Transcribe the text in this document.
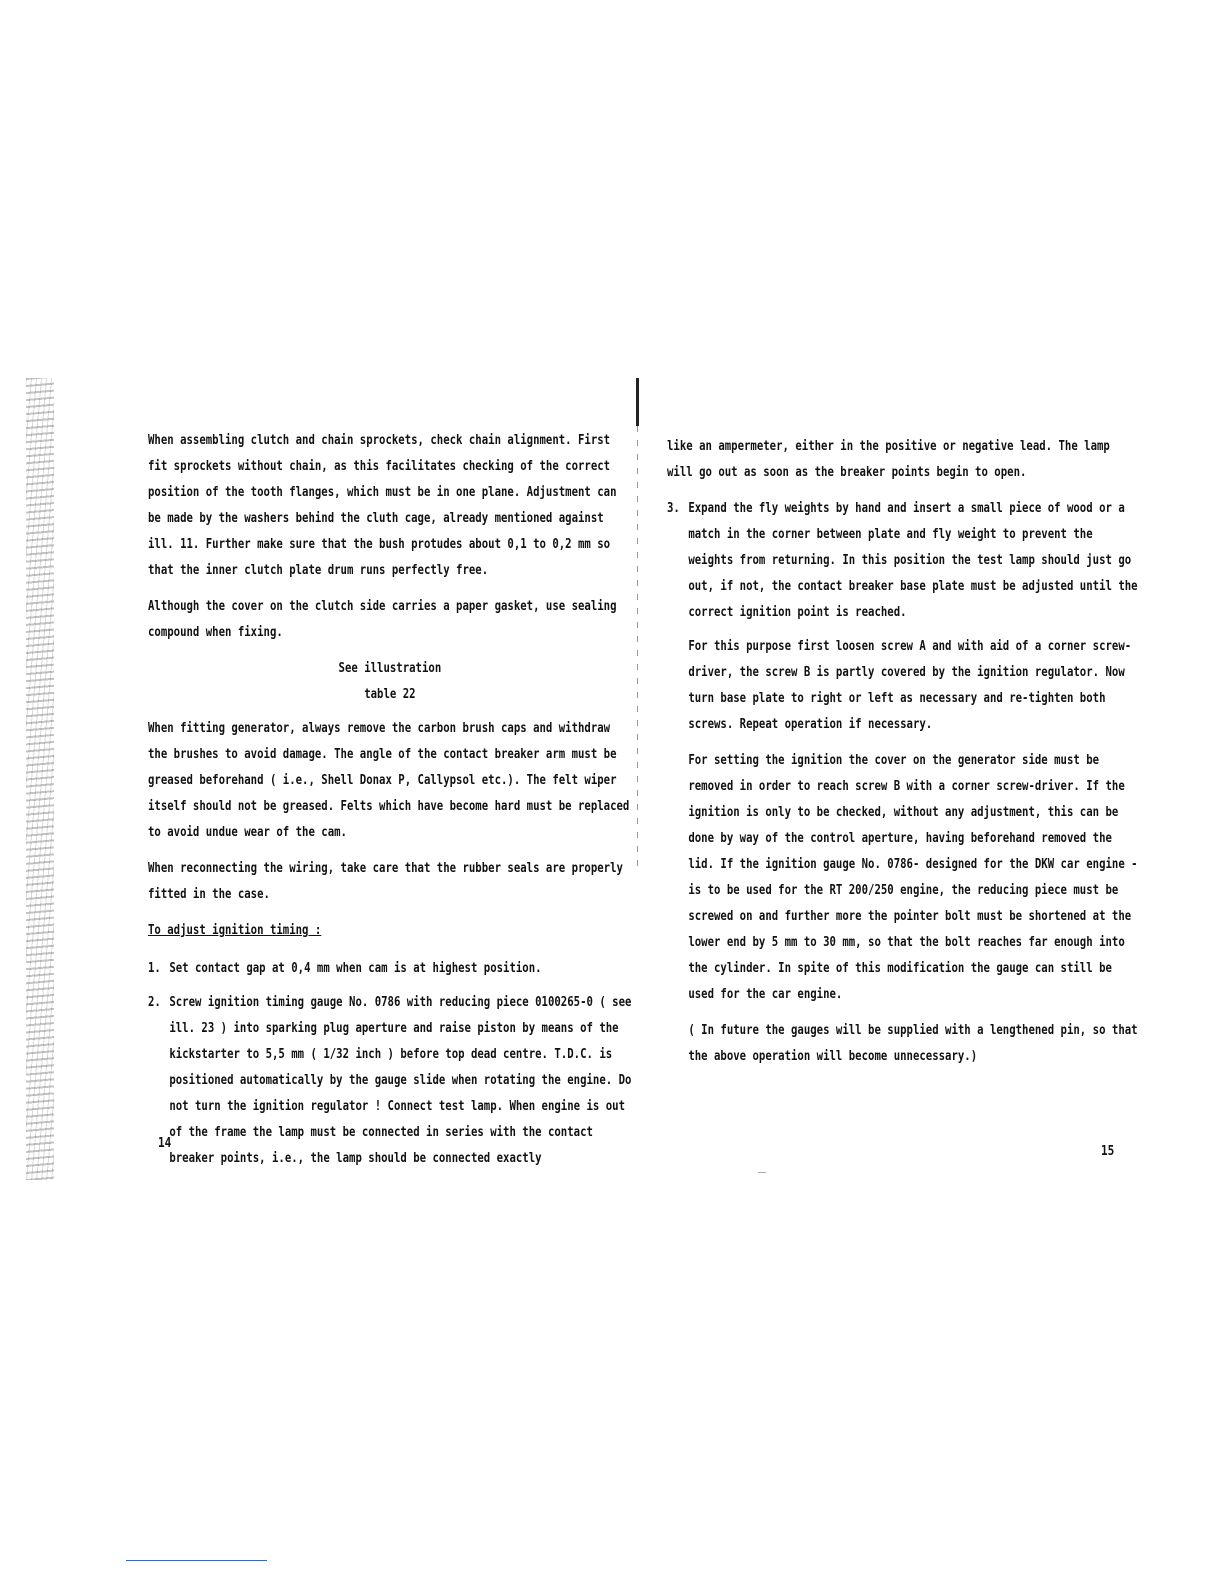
When assembling clutch and chain sprockets, check chain alignment. First fit sprockets without chain, as this facilitates checking of the correct position of the tooth flanges, which must be in one plane. Adjustment can be made by the washers behind the cluth cage, already mentioned against ill. 11. Further make sure that the bush protudes about 0,1 to 0,2 mm so that the inner clutch plate drum runs perfectly free.

Although the cover on the clutch side carries a paper gasket, use sealing compound when fixing.

See illustration

table 22

When fitting generator, always remove the carbon brush caps and withdraw the brushes to avoid damage. The angle of the contact breaker arm must be greased beforehand ( i.e., Shell Donax P, Callypsol etc.). The felt wiper itself should not be greased. Felts which have become hard must be replaced to avoid undue wear of the cam.

When reconnecting the wiring, take care that the rubber seals are properly fitted in the case.

To adjust ignition timing :

1. Set contact gap at 0,4 mm when cam is at highest position.
2. Screw ignition timing gauge No. 0786 with reducing piece 0100265-0 ( see ill. 23 ) into sparking plug aperture and raise piston by means of the kickstarter to 5,5 mm ( 1/32 inch ) before top dead centre. T.D.C. is positioned automatically by the gauge slide when rotating the engine. Do not turn the ignition regulator ! Connect test lamp. When engine is out of the frame the lamp must be connected in series with the contact breaker points, i.e., the lamp should be connected exactly
14

like an ampermeter, either in the positive or negative lead. The lamp will go out as soon as the breaker points begin to open.

3. Expand the fly weights by hand and insert a small piece of wood or a match in the corner between plate and fly weight to prevent the weights from returning. In this position the test lamp should just go out, if not, the contact breaker base plate must be adjusted until the correct ignition point is reached.

For this purpose first loosen screw A and with aid of a corner screw-driver, the screw B is partly covered by the ignition regulator. Now turn base plate to right or left as necessary and re-tighten both screws. Repeat operation if necessary.

For setting the ignition the cover on the generator side must be removed in order to reach screw B with a corner screw-driver. If the ignition is only to be checked, without any adjustment, this can be done by way of the control aperture, having beforehand removed the lid. If the ignition gauge No. 0786- designed for the DKW car engine - is to be used for the RT 200/250 engine, the reducing piece must be screwed on and further more the pointer bolt must be shortened at the lower end by 5 mm to 30 mm, so that the bolt reaches far enough into the cylinder. In spite of this modification the gauge can still be used for the car engine.

( In future the gauges will be supplied with a lengthened pin, so that the above operation will become unnecessary.)

15
